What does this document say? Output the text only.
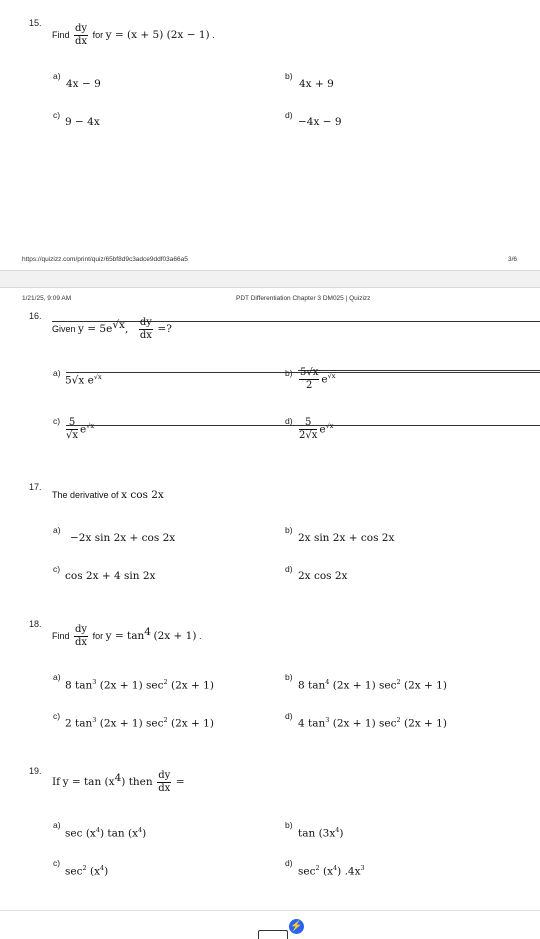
15.
Find $\frac{dy}{dx}$ for y = (x + 5) (2x − 1) .
a)
4x − 9
b)
4x + 9
c)
9 − 4x
d)
−4x − 9
https://quizizz.com/print/quiz/65bf8d9c3adce9ddf03a66a5	3/6
1/21/25, 9:09 AM	PDT Differentiation Chapter 3 DM025 | Quizizz
16.
Given $y = 5e^{√x}$, $\frac{dy}{dx}$ =?
a)
5√x $e^{√x}$	$b) \frac{5√x}{2} e^{√x}$
$c) \frac{5}{√x} e^{√x}$	$d) \frac{5}{2√x} e^{√x}$
17.
The derivative of x cos 2x
a)
−2x sin 2x + cos 2x
b)
2x sin 2x + cos 2x
c)
cos 2x + 4 sin 2x
d)
2x cos 2x
18.
Find $\frac{dy}{dx}$ for $y = \tan^4 (2x + 1)$ .
a)
8 $\tan^3 (2x + 1)$ $\sec^2 (2x + 1)$
b)
8 $\tan^4 (2x + 1)$ $\sec^2 (2x + 1)$
c)
2 $\tan^3 (2x + 1)$ $\sec^2 (2x + 1)$
d)
4 $\tan^3 (2x + 1)$ $\sec^2 (2x + 1)$
19.
If $y = \tan (x^4)$ then $\frac{dy}{dx}$ =
a)
$\sec (x^4)$ $\tan (x^4)$
b)
$\tan (3x^4)$
c)
$\sec^2 (x^4)$
d)
$\sec^2 (x^4)$ $.4x^3$
⚡
